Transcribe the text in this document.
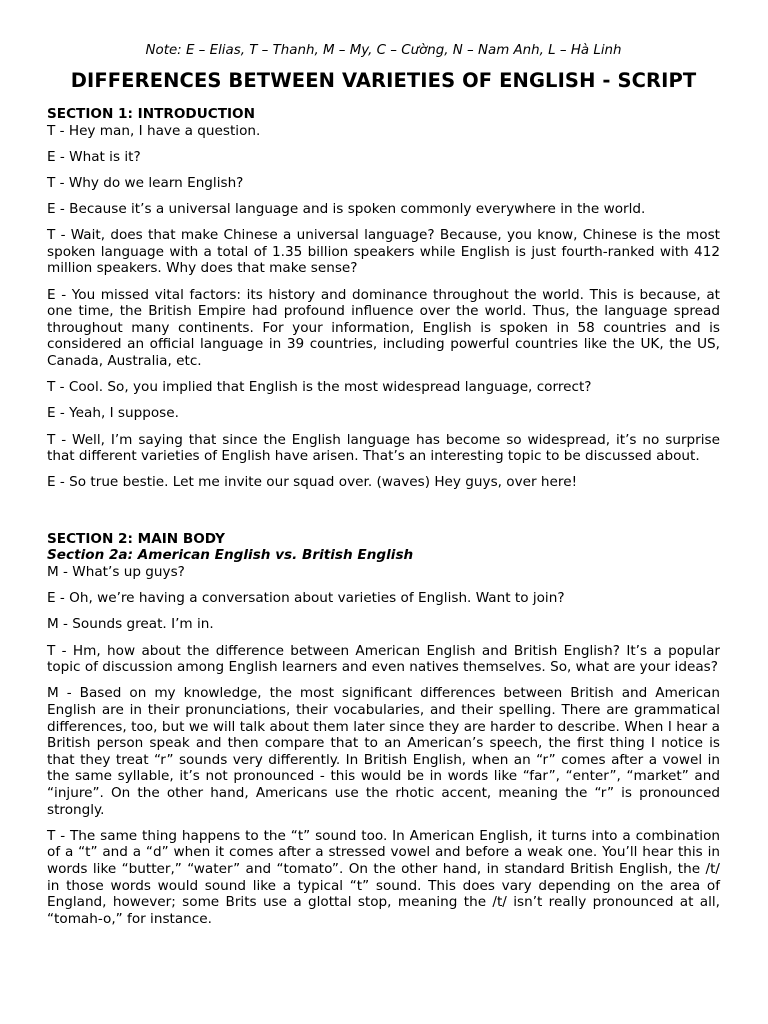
Note: E – Elias, T – Thanh, M – My, C – Cường, N – Nam Anh, L – Hà Linh

DIFFERENCES BETWEEN VARIETIES OF ENGLISH - SCRIPT

SECTION 1: INTRODUCTION

T - Hey man, I have a question.

E - What is it?

T - Why do we learn English?

E - Because it’s a universal language and is spoken commonly everywhere in the world.

T - Wait, does that make Chinese a universal language? Because, you know, Chinese is the most spoken language with a total of 1.35 billion speakers while English is just fourth-ranked with 412 million speakers. Why does that make sense?

E - You missed vital factors: its history and dominance throughout the world. This is because, at one time, the British Empire had profound influence over the world. Thus, the language spread throughout many continents. For your information, English is spoken in 58 countries and is considered an official language in 39 countries, including powerful countries like the UK, the US, Canada, Australia, etc.

T - Cool. So, you implied that English is the most widespread language, correct?

E - Yeah, I suppose.

T - Well, I’m saying that since the English language has become so widespread, it’s no surprise that different varieties of English have arisen. That’s an interesting topic to be discussed about.

E - So true bestie. Let me invite our squad over. (waves) Hey guys, over here!

SECTION 2: MAIN BODY

Section 2a: American English vs. British English

M - What’s up guys?

E - Oh, we’re having a conversation about varieties of English. Want to join?

M - Sounds great. I’m in.

T - Hm, how about the difference between American English and British English? It’s a popular topic of discussion among English learners and even natives themselves. So, what are your ideas?

M - Based on my knowledge, the most significant differences between British and American English are in their pronunciations, their vocabularies, and their spelling. There are grammatical differences, too, but we will talk about them later since they are harder to describe. When I hear a British person speak and then compare that to an American’s speech, the first thing I notice is that they treat “r” sounds very differently. In British English, when an “r” comes after a vowel in the same syllable, it’s not pronounced - this would be in words like “far”, “enter”, “market” and “injure”. On the other hand, Americans use the rhotic accent, meaning the “r” is pronounced strongly.

T - The same thing happens to the “t” sound too. In American English, it turns into a combination of a “t” and a “d” when it comes after a stressed vowel and before a weak one. You’ll hear this in words like “butter,” “water” and “tomato”. On the other hand, in standard British English, the /t/ in those words would sound like a typical “t” sound. This does vary depending on the area of England, however; some Brits use a glottal stop, meaning the /t/ isn’t really pronounced at all, “tomah-o,” for instance.
